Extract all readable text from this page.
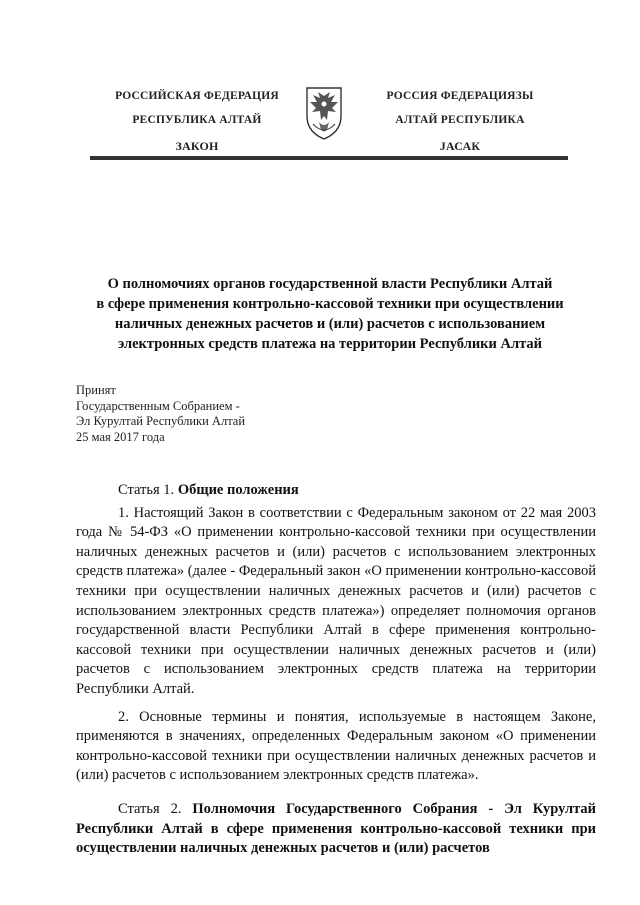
РОССИЙСКАЯ ФЕДЕРАЦИЯ
РЕСПУБЛИКА АЛТАЙ
ЗАКОН
РОССИЯ ФЕДЕРАЦИЯЗЫ
АЛТАЙ РЕСПУБЛИКА
JАСАК
О полномочиях органов государственной власти Республики Алтай
в сфере применения контрольно-кассовой техники при осуществлении
наличных денежных расчетов и (или) расчетов с использованием
электронных средств платежа на территории Республики Алтай
Принят
Государственным Собранием -
Эл Курултай Республики Алтай
25 мая 2017 года
Статья 1. Общие положения

1. Настоящий Закон в соответствии с Федеральным законом от 22 мая 2003 года № 54-ФЗ «О применении контрольно-кассовой техники при осуществлении наличных денежных расчетов и (или) расчетов с использованием электронных средств платежа» (далее - Федеральный закон «О применении контрольно-кассовой техники при осуществлении наличных денежных расчетов и (или) расчетов с использованием электронных средств платежа») определяет полномочия органов государственной власти Республики Алтай в сфере применения контрольно-кассовой техники при осуществлении наличных денежных расчетов и (или) расчетов с использованием электронных средств платежа на территории Республики Алтай.

2. Основные термины и понятия, используемые в настоящем Законе, применяются в значениях, определенных Федеральным законом «О применении контрольно-кассовой техники при осуществлении наличных денежных расчетов и (или) расчетов с использованием электронных средств платежа».

Статья 2. Полномочия Государственного Собрания - Эл Курултай Республики Алтай в сфере применения контрольно-кассовой техники при осуществлении наличных денежных расчетов и (или) расчетов
